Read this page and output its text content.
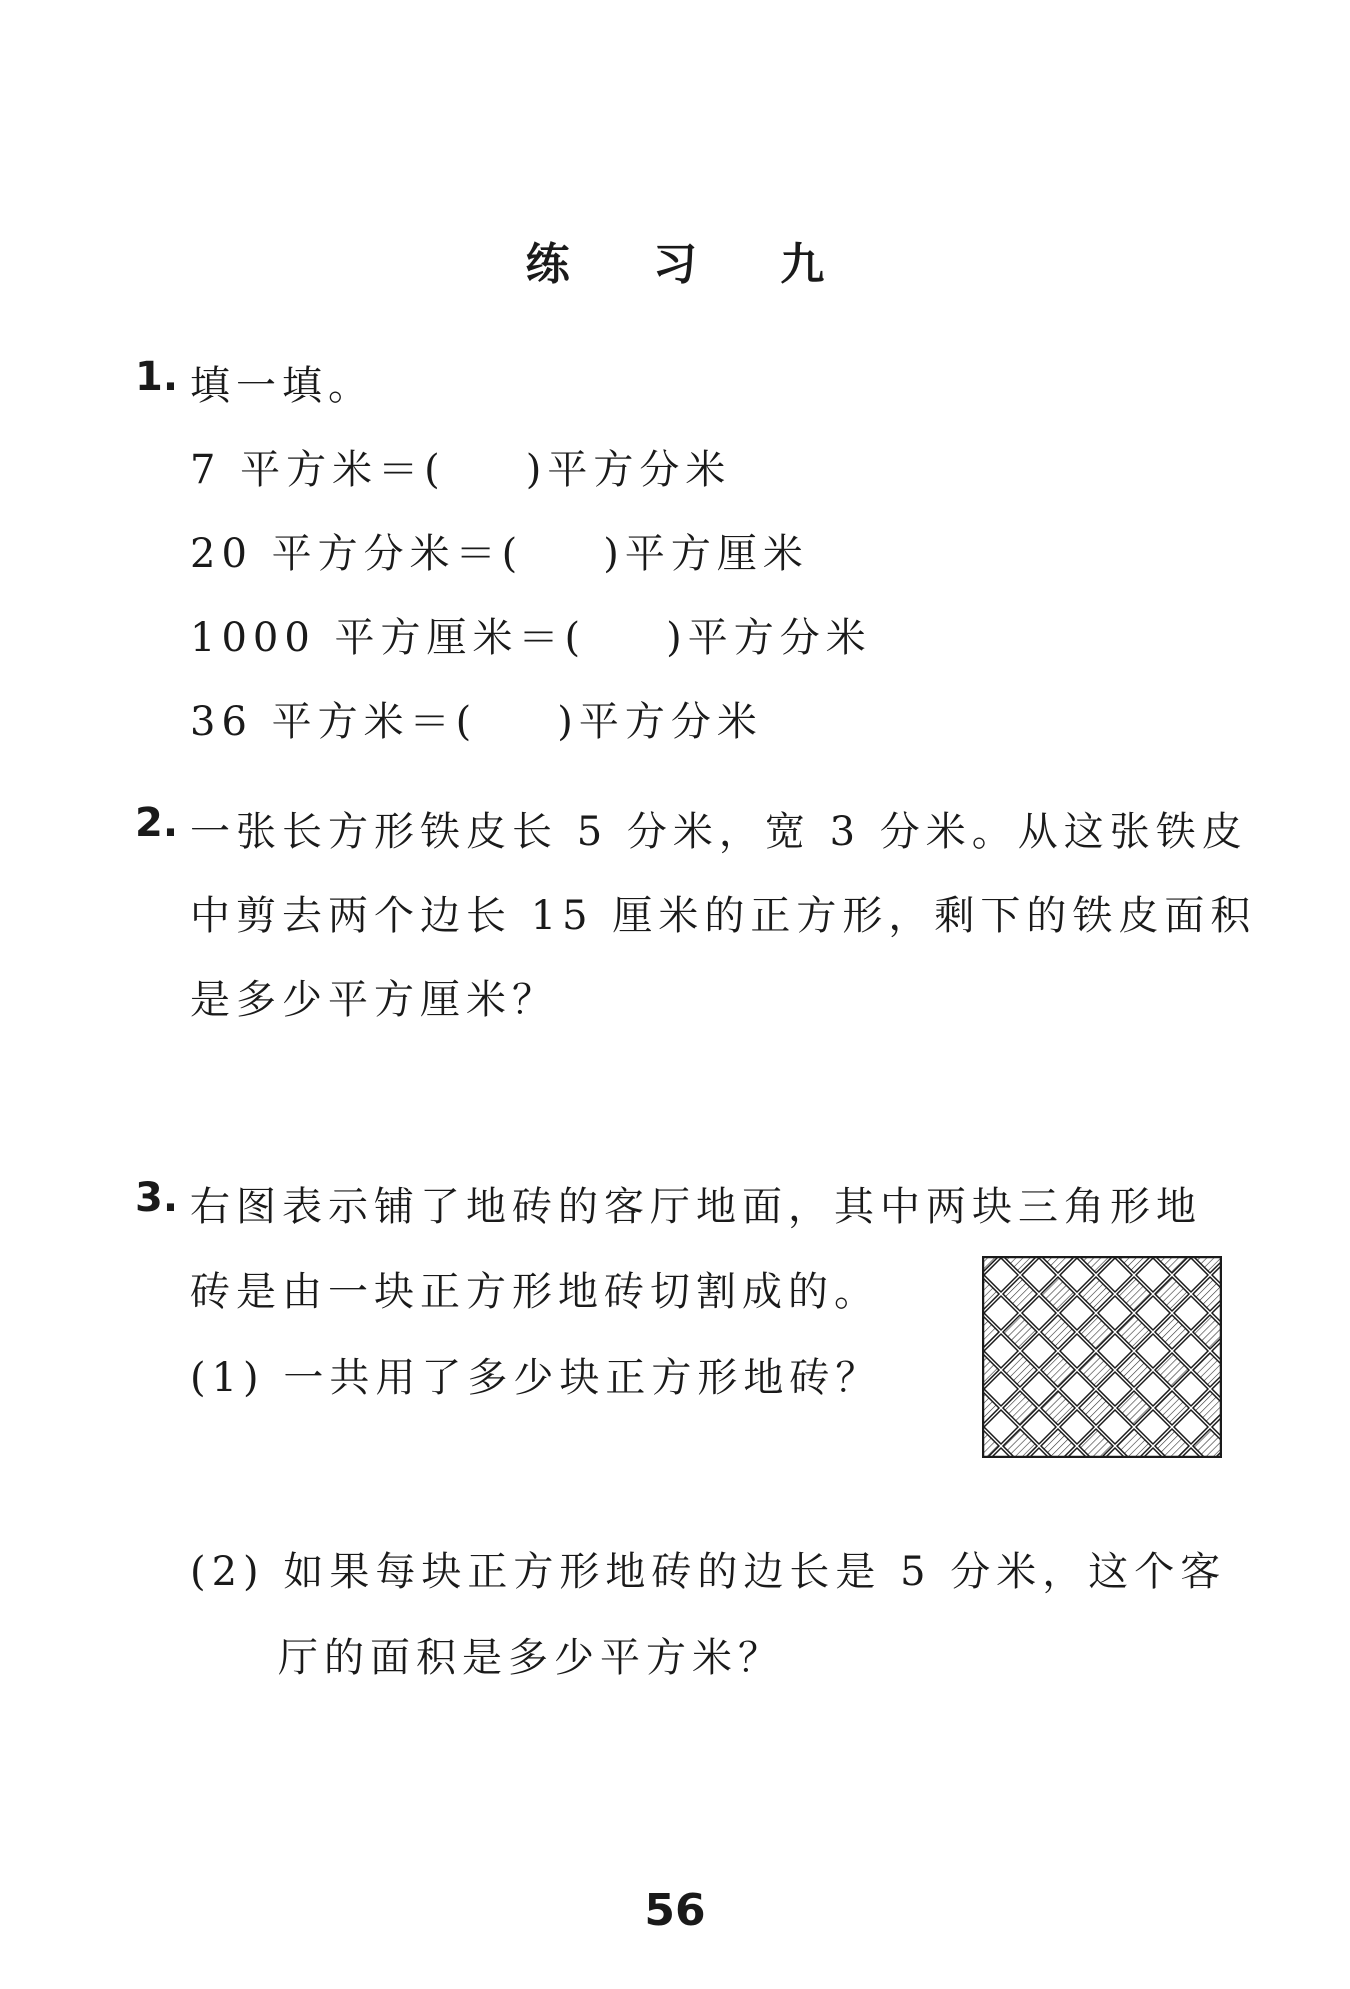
练 习 九
1. 填一填。
7 平方米＝( )平方分米
20 平方分米＝( )平方厘米
1000 平方厘米＝( )平方分米
36 平方米＝( )平方分米
2. 一张长方形铁皮长 5 分米，宽 3 分米。从这张铁皮
中剪去两个边长 15 厘米的正方形，剩下的铁皮面积
是多少平方厘米？
3. 右图表示铺了地砖的客厅地面，其中两块三角形地
砖是由一块正方形地砖切割成的。
(1) 一共用了多少块正方形地砖？
(2) 如果每块正方形地砖的边长是 5 分米，这个客
厅的面积是多少平方米？
56
